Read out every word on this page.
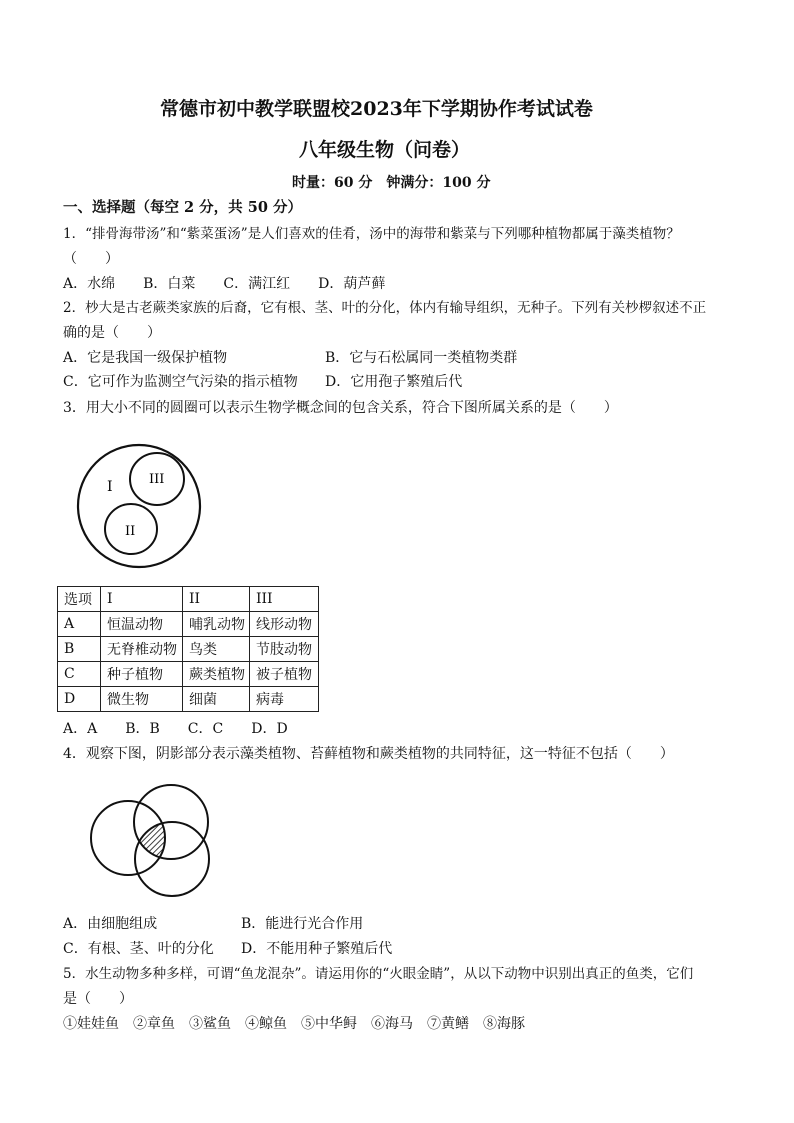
常德市初中教学联盟校2023年下学期协作考试试卷
八年级生物（问卷）
时量：60 分　钟满分：100 分
一、选择题（每空 2 分，共 50 分）
1．“排骨海带汤”和“紫菜蛋汤”是人们喜欢的佳肴，汤中的海带和紫菜与下列哪种植物都属于藻类植物？
（　　）
A．水绵　　B．白菜　　C．满江红　　D．葫芦藓
2．杪大是古老蕨类家族的后裔，它有根、茎、叶的分化，体内有输导组织，无种子。下列有关杪椤叙述不正
确的是（　　）
A．它是我国一级保护植物	B．它与石松属同一类植物类群
C．它可作为监测空气污染的指示植物 D．它用孢子繁殖后代
3．用大小不同的圆圈可以表示生物学概念间的包含关系，符合下图所属关系的是（　　）
I	III
II
选项	I	II	III
A	恒温动物	哺乳动物	线形动物
B	无脊椎动物	鸟类	节肢动物
C	种子植物	蕨类植物	被子植物
D	微生物	细菌	病毒
A．A　　B．B　　C．C　　D．D
4．观察下图，阴影部分表示藻类植物、苔藓植物和蕨类植物的共同特征，这一特征不包括（　　）
A．由细胞组成	B．能进行光合作用
C．有根、茎、叶的分化 D．不能用种子繁殖后代
5．水生动物多种多样，可谓“鱼龙混杂”。请运用你的“火眼金睛”，从以下动物中识别出真正的鱼类，它们
是（　　）
①娃娃鱼　②章鱼　③鲨鱼　④鲸鱼　⑤中华鲟　⑥海马　⑦黄鳝　⑧海豚
